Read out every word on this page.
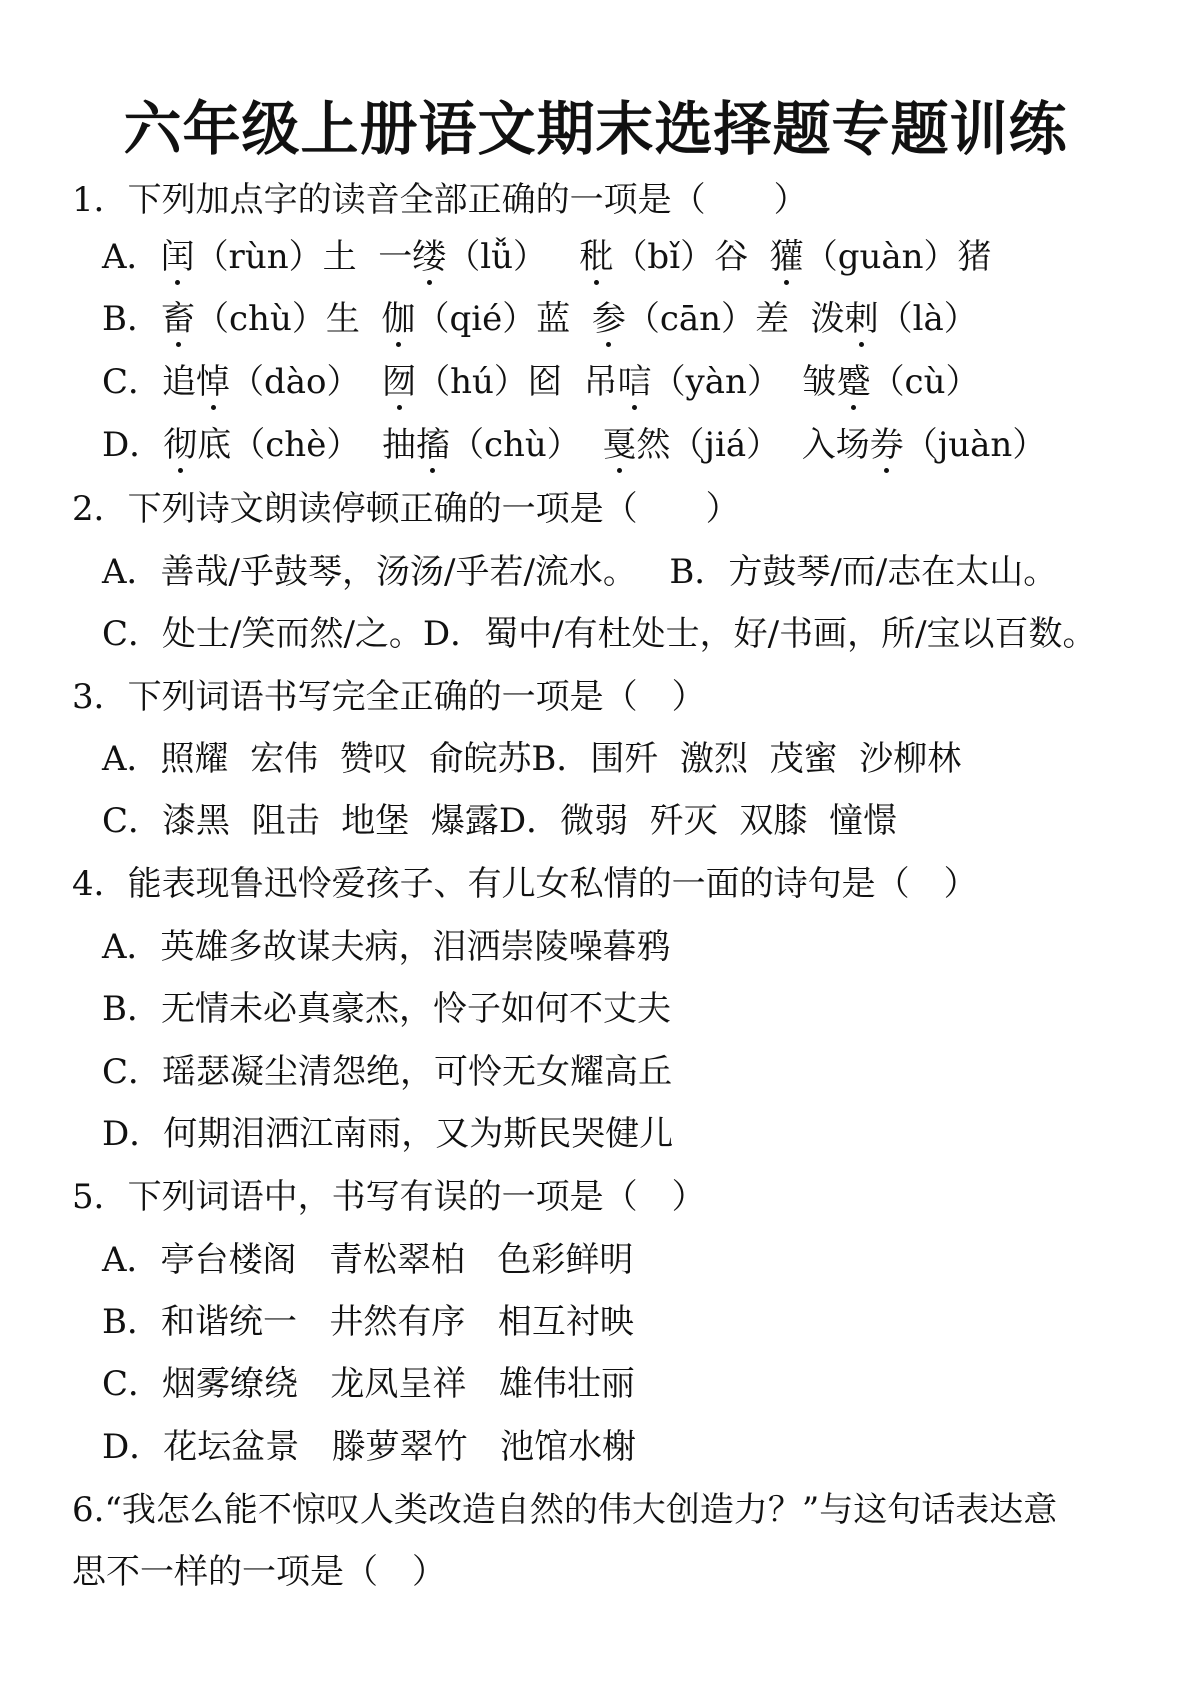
六年级上册语文期末选择题专题训练
1．下列加点字的读音全部正确的一项是（　　）
A．闰（rùn）土  一缕（lǚ）   秕（bǐ）谷  獾（guàn）猪
B．畜（chù）生  伽（qié）蓝  参（cān）差  泼剌（là）
C．追悼（dào）  囫（hú）囵  吊唁（yàn）  皱蹙（cù）
D．彻底（chè）  抽搐（chù）  戛然（jiá）  入场券（juàn）
2．下列诗文朗读停顿正确的一项是（　　）
A．善哉/乎鼓琴，汤汤/乎若/流水。   B．方鼓琴/而/志在太山。
C．处士/笑而然/之。D．蜀中/有杜处士，好/书画，所/宝以百数。
3．下列词语书写完全正确的一项是（　）
A．照耀  宏伟  赞叹  俞皖苏B．围歼  激烈  茂蜜  沙柳林
C．漆黑  阻击  地堡  爆露D．微弱  歼灭  双膝  憧憬
4．能表现鲁迅怜爱孩子、有儿女私情的一面的诗句是（　）
A．英雄多故谋夫病，泪洒崇陵噪暮鸦
B．无情未必真豪杰，怜子如何不丈夫
C．瑶瑟凝尘清怨绝，可怜无女耀高丘
D．何期泪洒江南雨，又为斯民哭健儿
5．下列词语中，书写有误的一项是（　）
A．亭台楼阁   青松翠柏   色彩鲜明
B．和谐统一   井然有序   相互衬映
C．烟雾缭绕   龙凤呈祥   雄伟壮丽
D．花坛盆景   滕萝翠竹   池馆水榭
6.“我怎么能不惊叹人类改造自然的伟大创造力？”与这句话表达意
思不一样的一项是（　）
